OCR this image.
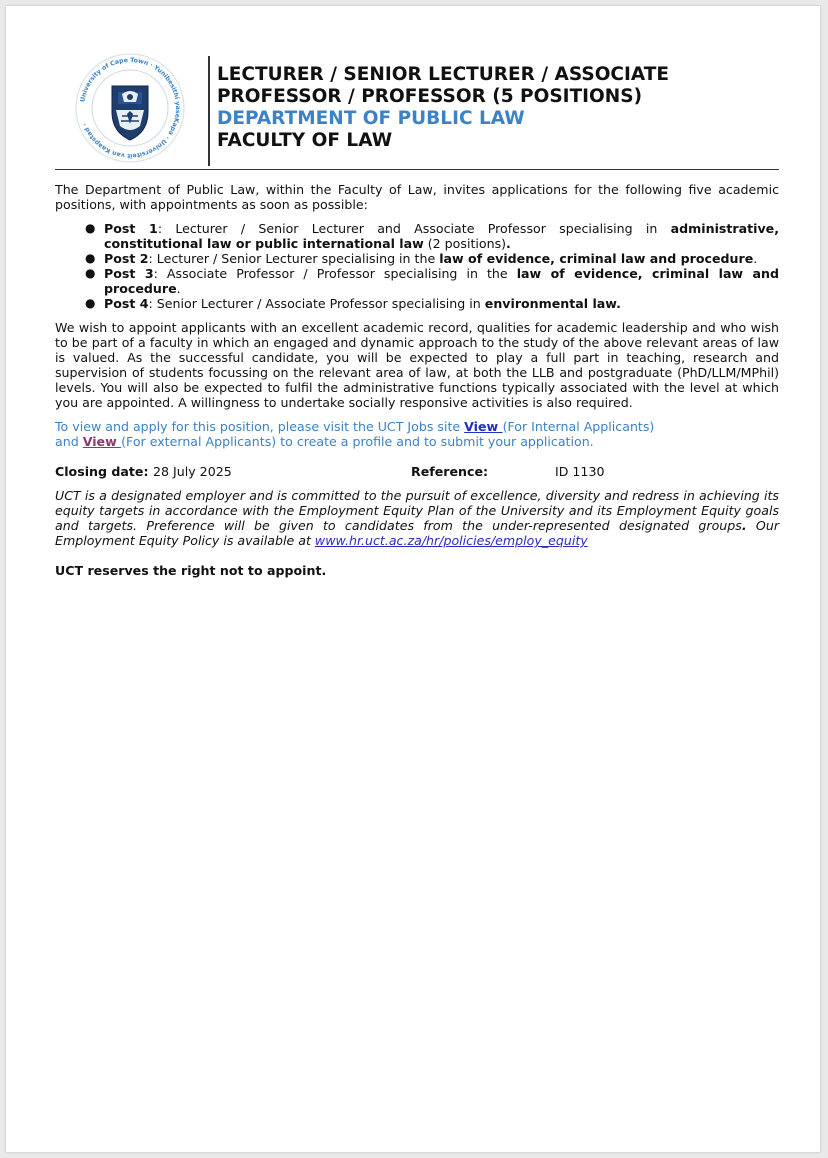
University of Cape Town · Yunibesithi yaseKapa · Universiteit van Kaapstad ·
LECTURER / SENIOR LECTURER / ASSOCIATE
PROFESSOR / PROFESSOR (5 POSITIONS)
DEPARTMENT OF PUBLIC LAW
FACULTY OF LAW

The Department of Public Law, within the Faculty of Law, invites applications for the following five academic positions, with appointments as soon as possible:

● Post 1: Lecturer / Senior Lecturer and Associate Professor specialising in administrative, constitutional law or public international law (2 positions).
● Post 2: Lecturer / Senior Lecturer specialising in the law of evidence, criminal law and procedure.
● Post 3: Associate Professor / Professor specialising in the law of evidence, criminal law and procedure.
● Post 4: Senior Lecturer / Associate Professor specialising in environmental law.

We wish to appoint applicants with an excellent academic record, qualities for academic leadership and who wish to be part of a faculty in which an engaged and dynamic approach to the study of the above relevant areas of law is valued. As the successful candidate, you will be expected to play a full part in teaching, research and supervision of students focussing on the relevant area of law, at both the LLB and postgraduate (PhD/LLM/MPhil) levels. You will also be expected to fulfil the administrative functions typically associated with the level at which you are appointed. A willingness to undertake socially responsive activities is also required.

To view and apply for this position, please visit the UCT Jobs site View (For Internal Applicants)
and View (For external Applicants) to create a profile and to submit your application.

Closing date: 28 July 2025	Reference:	ID 1130

UCT is a designated employer and is committed to the pursuit of excellence, diversity and redress in achieving its equity targets in accordance with the Employment Equity Plan of the University and its Employment Equity goals and targets. Preference will be given to candidates from the under-represented designated groups. Our Employment Equity Policy is available at www.hr.uct.ac.za/hr/policies/employ_equity

UCT reserves the right not to appoint.
